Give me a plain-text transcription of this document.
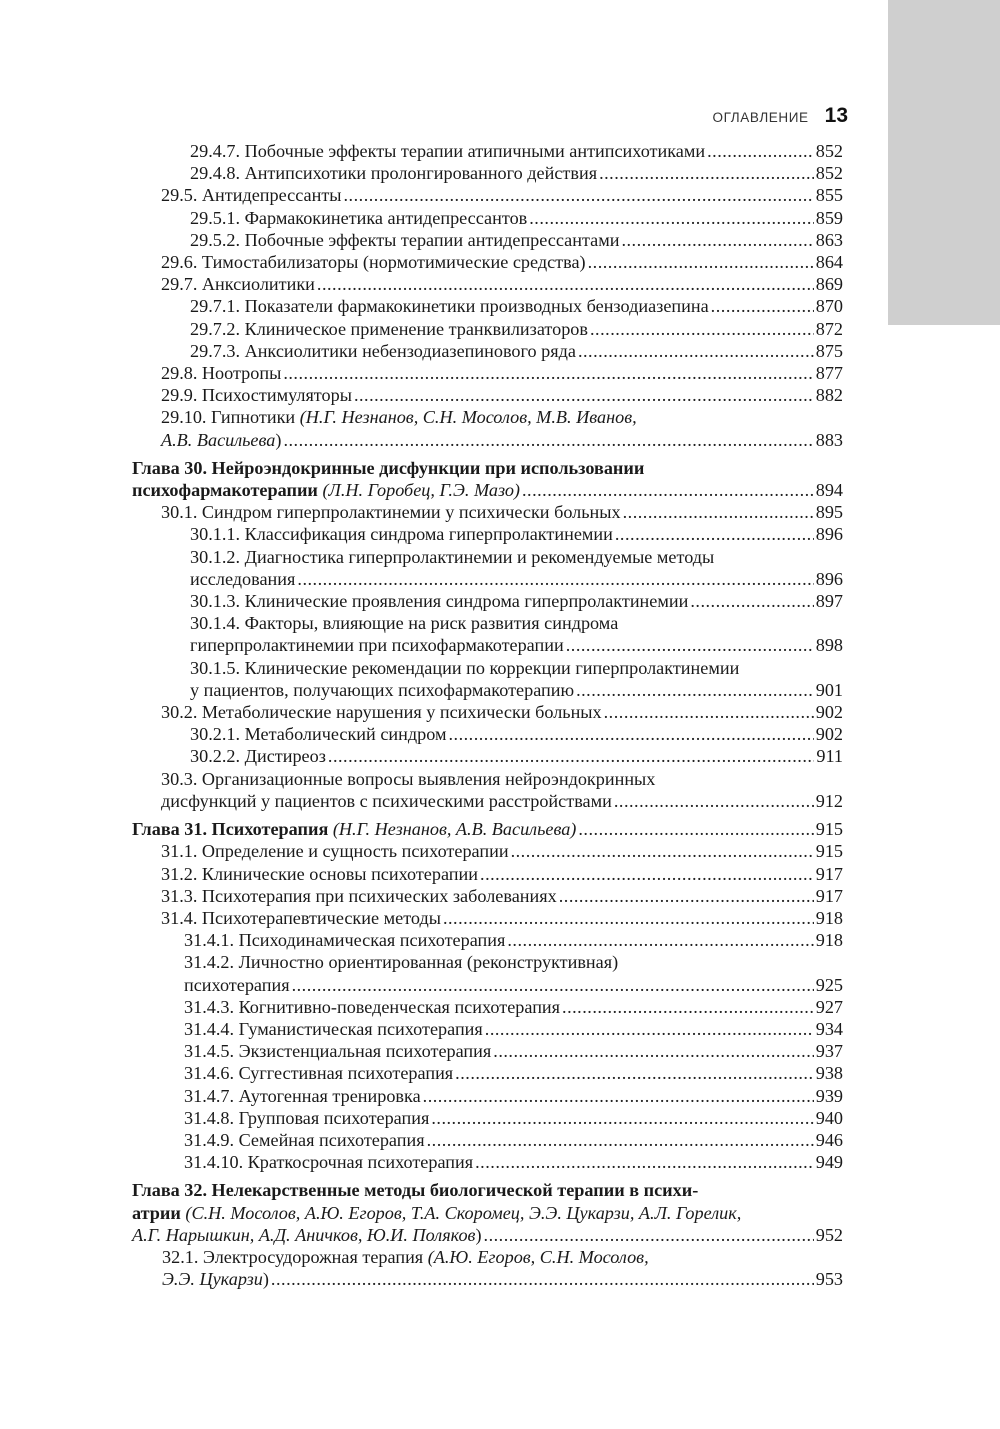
ОГЛАВЛЕНИЕ 13
29.4.7. Побочные эффекты терапии атипичными антипсихотиками .....	852
29.4.8. Антипсихотики пролонгированного действия .....	852
29.5. Антидепрессанты .....	855
29.5.1. Фармакокинетика антидепрессантов .....	859
29.5.2. Побочные эффекты терапии антидепрессантами .....	863
29.6. Тимостабилизаторы (нормотимические средства) .....	864
29.7. Анксиолитики .....	869
29.7.1. Показатели фармакокинетики производных бензодиазепина .....	870
29.7.2. Клиническое применение транквилизаторов .....	872
29.7.3. Анксиолитики небензодиазепинового ряда .....	875
29.8. Ноотропы .....	877
29.9. Психостимуляторы .....	882
29.10. Гипнотики (Н.Г. Незнанов, С.Н. Мосолов, М.В. Иванов,
А.В. Васильева) .....	883
Глава 30. Нейроэндокринные дисфункции при использовании
психофармакотерапии (Л.Н. Горобец, Г.Э. Мазо) .....	894
30.1. Синдром гиперпролактинемии у психически больных .....	895
30.1.1. Классификация синдрома гиперпролактинемии .....	896
30.1.2. Диагностика гиперпролактинемии и рекомендуемые методы
исследования .....	896
30.1.3. Клинические проявления синдрома гиперпролактинемии .....	897
30.1.4. Факторы, влияющие на риск развития синдрома
гиперпролактинемии при психофармакотерапии .....	898
30.1.5. Клинические рекомендации по коррекции гиперпролактинемии
у пациентов, получающих психофармакотерапию .....	901
30.2. Метаболические нарушения у психически больных .....	902
30.2.1. Метаболический синдром .....	902
30.2.2. Дистиреоз .....	911
30.3. Организационные вопросы выявления нейроэндокринных
дисфункций у пациентов с психическими расстройствами .....	912
Глава 31. Психотерапия (Н.Г. Незнанов, А.В. Васильева) .....	915
31.1. Определение и сущность психотерапии .....	915
31.2. Клинические основы психотерапии .....	917
31.3. Психотерапия при психических заболеваниях .....	917
31.4. Психотерапевтические методы .....	918
31.4.1. Психодинамическая психотерапия .....	918
31.4.2. Личностно ориентированная (реконструктивная)
психотерапия .....	925
31.4.3. Когнитивно-поведенческая психотерапия .....	927
31.4.4. Гуманистическая психотерапия .....	934
31.4.5. Экзистенциальная психотерапия .....	937
31.4.6. Суггестивная психотерапия .....	938
31.4.7. Аутогенная тренировка .....	939
31.4.8. Групповая психотерапия .....	940
31.4.9. Семейная психотерапия .....	946
31.4.10. Краткосрочная психотерапия .....	949
Глава 32. Нелекарственные методы биологической терапии в психи-
атрии (С.Н. Мосолов, А.Ю. Егоров, Т.А. Скоромец, Э.Э. Цукарзи, А.Л. Горелик,
А.Г. Нарышкин, А.Д. Аничков, Ю.И. Поляков) .....	952
32.1. Электросудорожная терапия (А.Ю. Егоров, С.Н. Мосолов,
Э.Э. Цукарзи) .....	953
